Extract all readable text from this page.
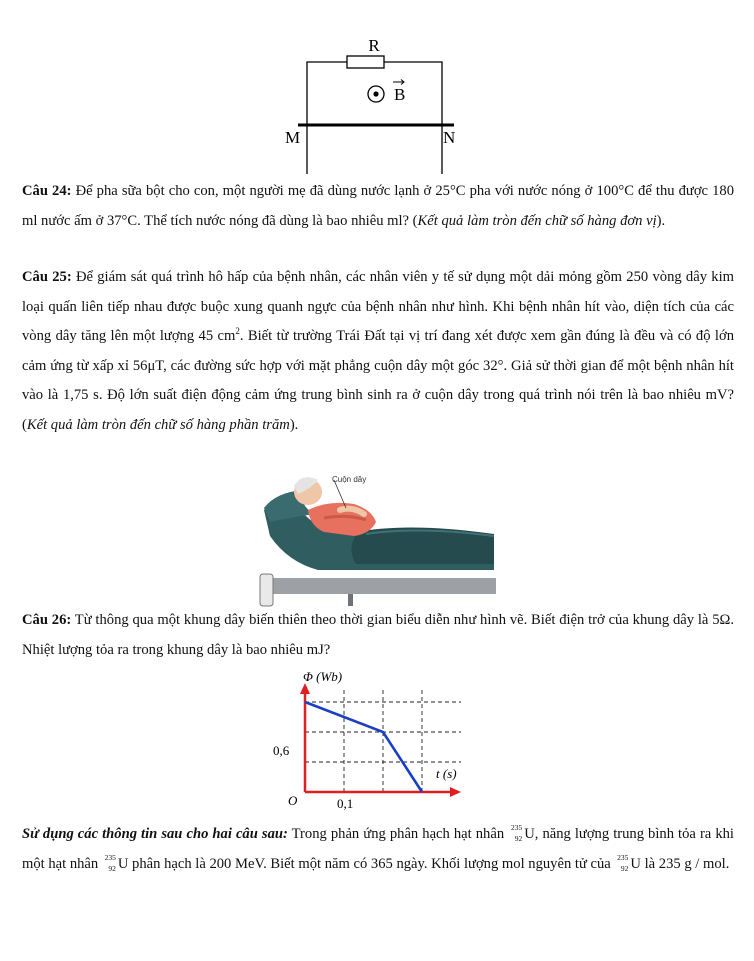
R
B
M	N
Câu 24: Để pha sữa bột cho con, một người mẹ đã dùng nước lạnh ở 25°C pha với nước nóng ở 100°C để thu được 180 ml nước ấm ở 37°C. Thể tích nước nóng đã dùng là bao nhiêu ml? (Kết quả làm tròn đến chữ số hàng đơn vị).
Câu 25: Để giám sát quá trình hô hấp của bệnh nhân, các nhân viên y tế sử dụng một dải mỏng gồm 250 vòng dây kim loại quấn liên tiếp nhau được buộc xung quanh ngực của bệnh nhân như hình. Khi bệnh nhân hít vào, diện tích của các vòng dây tăng lên một lượng 45 $cm^2$. Biết từ trường Trái Đất tại vị trí đang xét được xem gần đúng là đều và có độ lớn cảm ứng từ xấp xỉ 56μT, các đường sức hợp với mặt phẳng cuộn dây một góc 32°. Giả sử thời gian để một bệnh nhân hít vào là 1,75 s. Độ lớn suất điện động cảm ứng trung bình sinh ra ở cuộn dây trong quá trình nói trên là bao nhiêu mV? (Kết quả làm tròn đến chữ số hàng phần trăm).
Cuộn dây
Câu 26: Từ thông qua một khung dây biến thiên theo thời gian biểu diễn như hình vẽ. Biết điện trở của khung dây là 5Ω. Nhiệt lượng tỏa ra trong khung dây là bao nhiêu mJ?
Φ (Wb)
t (s)
O
0,6
0,1
Sử dụng các thông tin sau cho hai câu sau: Trong phản ứng phân hạch hạt nhân 235
92 U, năng lượng trung bình tỏa ra khi một hạt nhân 235
92 U phân hạch là 200 MeV. Biết một năm có 365 ngày. Khối lượng mol nguyên tử của 235
92 U là 235 g / mol.
